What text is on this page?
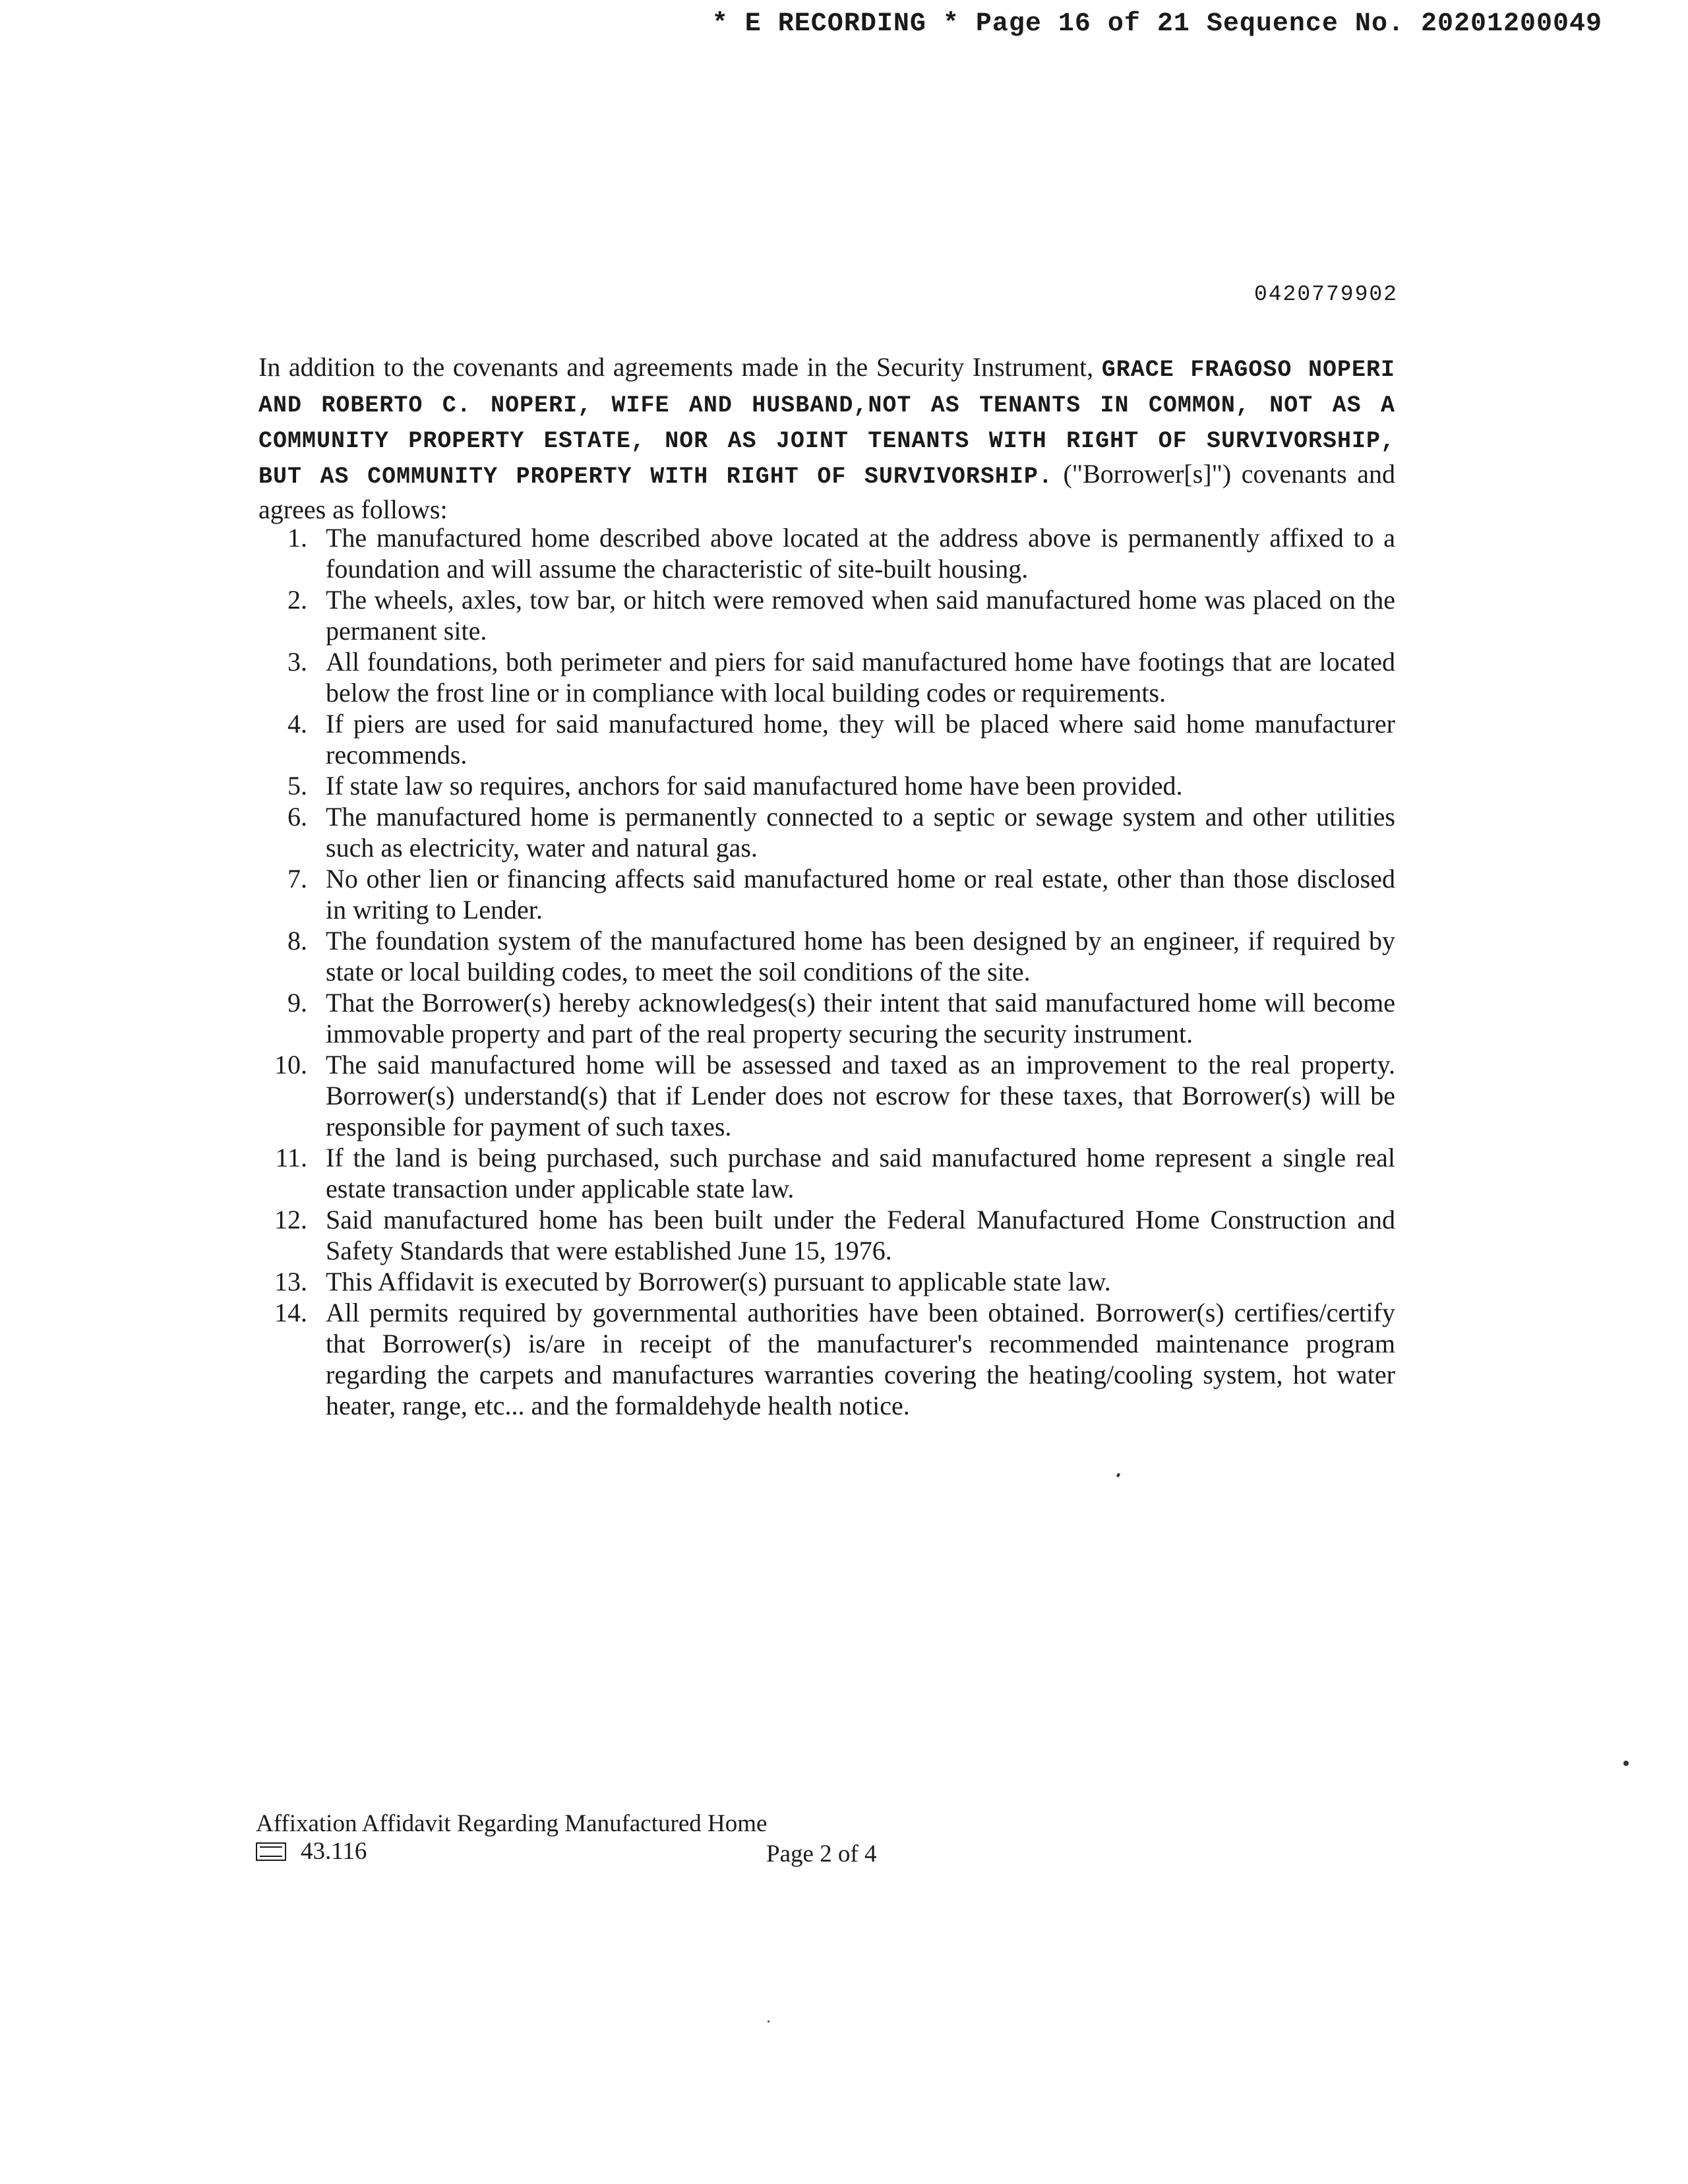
* E RECORDING * Page 16 of 21 Sequence No. 20201200049
0420779902
In addition to the covenants and agreements made in the Security Instrument, GRACE FRAGOSO NOPERI AND ROBERTO C. NOPERI, WIFE AND HUSBAND,NOT AS TENANTS IN COMMON, NOT AS A COMMUNITY PROPERTY ESTATE, NOR AS JOINT TENANTS WITH RIGHT OF SURVIVORSHIP, BUT AS COMMUNITY PROPERTY WITH RIGHT OF SURVIVORSHIP. ("Borrower[s]") covenants and agrees as follows:
1. The manufactured home described above located at the address above is permanently affixed to a foundation and will assume the characteristic of site-built housing.
2. The wheels, axles, tow bar, or hitch were removed when said manufactured home was placed on the permanent site.
3. All foundations, both perimeter and piers for said manufactured home have footings that are located below the frost line or in compliance with local building codes or requirements.
4. If piers are used for said manufactured home, they will be placed where said home manufacturer recommends.
5. If state law so requires, anchors for said manufactured home have been provided.
6. The manufactured home is permanently connected to a septic or sewage system and other utilities such as electricity, water and natural gas.
7. No other lien or financing affects said manufactured home or real estate, other than those disclosed in writing to Lender.
8. The foundation system of the manufactured home has been designed by an engineer, if required by state or local building codes, to meet the soil conditions of the site.
9. That the Borrower(s) hereby acknowledges(s) their intent that said manufactured home will become immovable property and part of the real property securing the security instrument.
10. The said manufactured home will be assessed and taxed as an improvement to the real property. Borrower(s) understand(s) that if Lender does not escrow for these taxes, that Borrower(s) will be responsible for payment of such taxes.
11. If the land is being purchased, such purchase and said manufactured home represent a single real estate transaction under applicable state law.
12. Said manufactured home has been built under the Federal Manufactured Home Construction and Safety Standards that were established June 15, 1976.
13. This Affidavit is executed by Borrower(s) pursuant to applicable state law.
14. All permits required by governmental authorities have been obtained. Borrower(s) certifies/certify that Borrower(s) is/are in receipt of the manufacturer's recommended maintenance program regarding the carpets and manufactures warranties covering the heating/cooling system, hot water heater, range, etc... and the formaldehyde health notice.
Affixation Affidavit Regarding Manufactured Home
43.116	Page 2 of 4
